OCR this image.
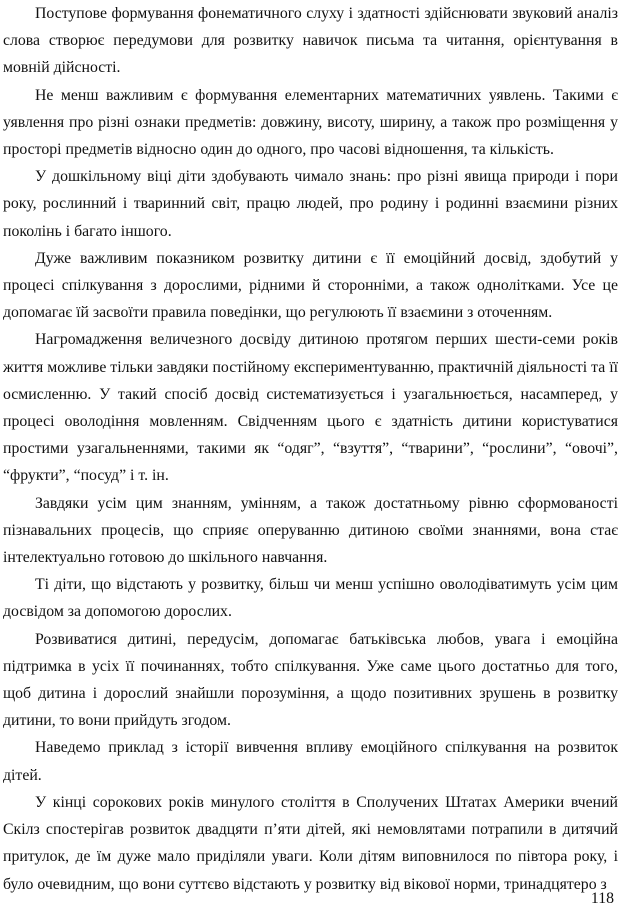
Поступове формування фонематичного слуху і здатності здійснювати звуковий аналіз слова створює передумови для розвитку навичок письма та читання, орієнтування в мовній дійсності.

Не менш важливим є формування елементарних математичних уявлень. Такими є уявлення про різні ознаки предметів: довжину, висоту, ширину, а також про розміщення у просторі предметів відносно один до одного, про часові відношення, та кількість.

У дошкільному віці діти здобувають чимало знань: про різні явища природи і пори року, рослинний і тваринний світ, працю людей, про родину і родинні взаємини різних поколінь і багато іншого.

Дуже важливим показником розвитку дитини є її емоційний досвід, здобутий у процесі спілкування з дорослими, рідними й сторонніми, а також однолітками. Усе це допомагає їй засвоїти правила поведінки, що регулюють її взаємини з оточенням.

Нагромадження величезного досвіду дитиною протягом перших шести-семи років життя можливе тільки завдяки постійному експериментуванню, практичній діяльності та її осмисленню. У такий спосіб досвід систематизується і узагальнюється, насамперед, у процесі оволодіння мовленням. Свідченням цього є здатність дитини користуватися простими узагальненнями, такими як “одяг”, “взуття”, “тварини”, “рослини”, “овочі”, “фрукти”, “посуд” і т. ін.

Завдяки усім цим знанням, умінням, а також достатньому рівню сформованості пізнавальних процесів, що сприяє оперуванню дитиною своїми знаннями, вона стає інтелектуально готовою до шкільного навчання.

Ті діти, що відстають у розвитку, більш чи менш успішно оволодіватимуть усім цим досвідом за допомогою дорослих.

Розвиватися дитині, передусім, допомагає батьківська любов, увага і емоційна підтримка в усіх її починаннях, тобто спілкування. Уже саме цього достатньо для того, щоб дитина і дорослий знайшли порозуміння, а щодо позитивних зрушень в розвитку дитини, то вони прийдуть згодом.

Наведемо приклад з історії вивчення впливу емоційного спілкування на розвиток дітей.

У кінці сорокових років минулого століття в Сполучених Штатах Америки вчений Скілз спостерігав розвиток двадцяти п’яти дітей, які немовлятами потрапили в дитячий притулок, де їм дуже мало приділяли уваги. Коли дітям виповнилося по півтора року, і було очевидним, що вони суттєво відстають у розвитку від вікової норми, тринадцятеро з

118
